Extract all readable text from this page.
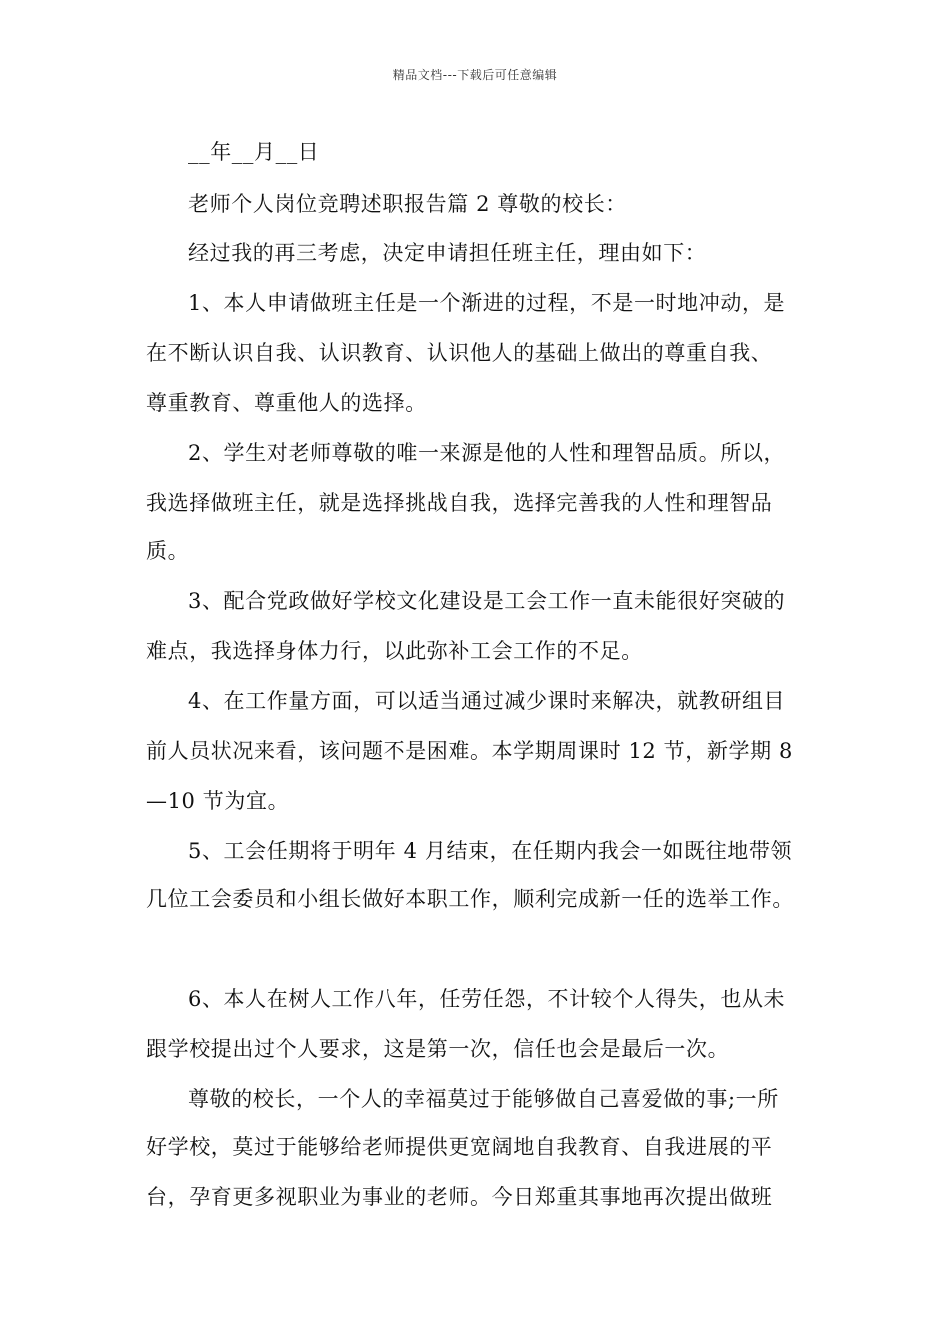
精品文档---下载后可任意编辑
__年__月__日
老师个人岗位竞聘述职报告篇 2 尊敬的校长：
经过我的再三考虑，决定申请担任班主任，理由如下：
1、本人申请做班主任是一个渐进的过程，不是一时地冲动，是
在不断认识自我、认识教育、认识他人的基础上做出的尊重自我、
尊重教育、尊重他人的选择。
2、学生对老师尊敬的唯一来源是他的人性和理智品质。所以，
我选择做班主任，就是选择挑战自我，选择完善我的人性和理智品
质。
3、配合党政做好学校文化建设是工会工作一直未能很好突破的
难点，我选择身体力行，以此弥补工会工作的不足。
4、在工作量方面，可以适当通过减少课时来解决，就教研组目
前人员状况来看，该问题不是困难。本学期周课时 12 节，新学期 8
—10 节为宜。
5、工会任期将于明年 4 月结束，在任期内我会一如既往地带领
几位工会委员和小组长做好本职工作，顺利完成新一任的选举工作。
6、本人在树人工作八年，任劳任怨，不计较个人得失，也从未
跟学校提出过个人要求，这是第一次，信任也会是最后一次。
尊敬的校长，一个人的幸福莫过于能够做自己喜爱做的事;一所
好学校，莫过于能够给老师提供更宽阔地自我教育、自我进展的平
台，孕育更多视职业为事业的老师。今日郑重其事地再次提出做班
